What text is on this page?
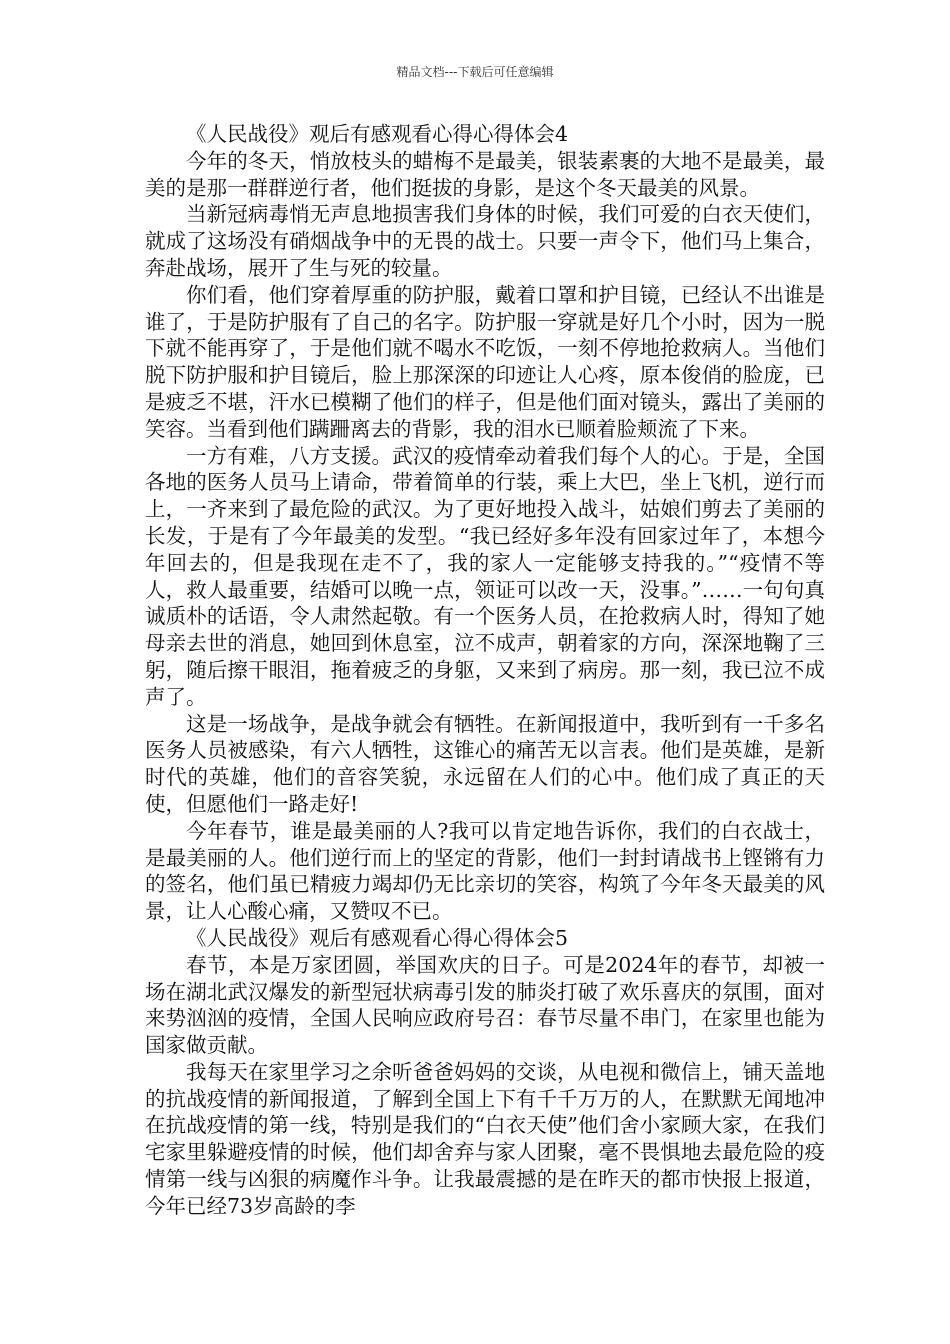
精品文档---下载后可任意编辑

《人民战役》观后有感观看心得心得体会4

今年的冬天，悄放枝头的蜡梅不是最美，银装素裹的大地不是最美，最美的是那一群群逆行者，他们挺拔的身影，是这个冬天最美的风景。

当新冠病毒悄无声息地损害我们身体的时候，我们可爱的白衣天使们，就成了这场没有硝烟战争中的无畏的战士。只要一声令下，他们马上集合，奔赴战场，展开了生与死的较量。

你们看，他们穿着厚重的防护服，戴着口罩和护目镜，已经认不出谁是谁了，于是防护服有了自己的名字。防护服一穿就是好几个小时，因为一脱下就不能再穿了，于是他们就不喝水不吃饭，一刻不停地抢救病人。当他们脱下防护服和护目镜后，脸上那深深的印迹让人心疼，原本俊俏的脸庞，已是疲乏不堪，汗水已模糊了他们的样子，但是他们面对镜头，露出了美丽的笑容。当看到他们蹒跚离去的背影，我的泪水已顺着脸颊流了下来。

一方有难，八方支援。武汉的疫情牵动着我们每个人的心。于是，全国各地的医务人员马上请命，带着简单的行装，乘上大巴，坐上飞机，逆行而上，一齐来到了最危险的武汉。为了更好地投入战斗，姑娘们剪去了美丽的长发，于是有了今年最美的发型。“我已经好多年没有回家过年了，本想今年回去的，但是我现在走不了，我的家人一定能够支持我的。”“疫情不等人，救人最重要，结婚可以晚一点，领证可以改一天，没事。”……一句句真诚质朴的话语，令人肃然起敬。有一个医务人员，在抢救病人时，得知了她母亲去世的消息，她回到休息室，泣不成声，朝着家的方向，深深地鞠了三躬，随后擦干眼泪，拖着疲乏的身躯，又来到了病房。那一刻，我已泣不成声了。

这是一场战争，是战争就会有牺牲。在新闻报道中，我听到有一千多名医务人员被感染，有六人牺牲，这锥心的痛苦无以言表。他们是英雄，是新时代的英雄，他们的音容笑貌，永远留在人们的心中。他们成了真正的天使，但愿他们一路走好!

今年春节，谁是最美丽的人?我可以肯定地告诉你，我们的白衣战士，是最美丽的人。他们逆行而上的坚定的背影，他们一封封请战书上铿锵有力的签名，他们虽已精疲力竭却仍无比亲切的笑容，构筑了今年冬天最美的风景，让人心酸心痛，又赞叹不已。

《人民战役》观后有感观看心得心得体会5

春节，本是万家团圆，举国欢庆的日子。可是2024年的春节，却被一场在湖北武汉爆发的新型冠状病毒引发的肺炎打破了欢乐喜庆的氛围，面对来势汹汹的疫情，全国人民响应政府号召：春节尽量不串门，在家里也能为国家做贡献。

我每天在家里学习之余听爸爸妈妈的交谈，从电视和微信上，铺天盖地的抗战疫情的新闻报道，了解到全国上下有千千万万的人，在默默无闻地冲在抗战疫情的第一线，特别是我们的“白衣天使”他们舍小家顾大家，在我们宅家里躲避疫情的时候，他们却舍弃与家人团聚，毫不畏惧地去最危险的疫情第一线与凶狠的病魔作斗争。让我最震撼的是在昨天的都市快报上报道，今年已经73岁高龄的李
